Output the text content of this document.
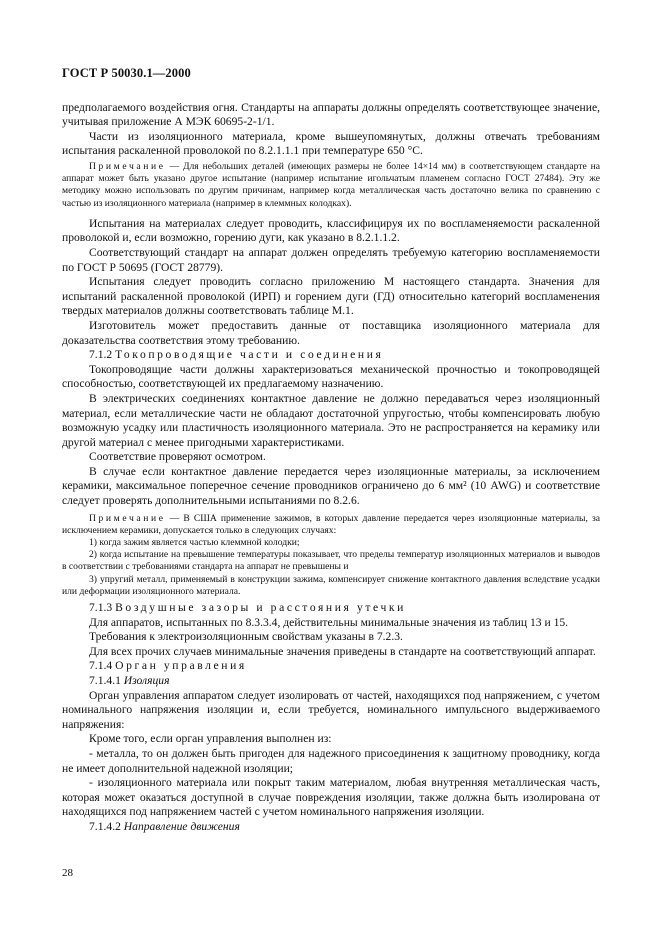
ГОСТ Р 50030.1—2000

предполагаемого воздействия огня. Стандарты на аппараты должны определять соответствующее значение, учитывая приложение А МЭК 60695-2-1/1.

Части из изоляционного материала, кроме вышеупомянутых, должны отвечать требованиям испытания раскаленной проволокой по 8.2.1.1.1 при температуре 650 °С.

Примечание — Для небольших деталей (имеющих размеры не более 14×14 мм) в соответствующем стандарте на аппарат может быть указано другое испытание (например испытание игольчатым пламенем согласно ГОСТ 27484). Эту же методику можно использовать по другим причинам, например когда металлическая часть достаточно велика по сравнению с частью из изоляционного материала (например в клеммных колодках).

Испытания на материалах следует проводить, классифицируя их по воспламеняемости раскаленной проволокой и, если возможно, горению дуги, как указано в 8.2.1.1.2.

Соответствующий стандарт на аппарат должен определять требуемую категорию воспламеняемости по ГОСТ Р 50695 (ГОСТ 28779).

Испытания следует проводить согласно приложению М настоящего стандарта. Значения для испытаний раскаленной проволокой (ИРП) и горением дуги (ГД) относительно категорий воспламенения твердых материалов должны соответствовать таблице М.1.

Изготовитель может предоставить данные от поставщика изоляционного материала для доказательства соответствия этому требованию.

7.1.2 Токопроводящие части и соединения

Токопроводящие части должны характеризоваться механической прочностью и токопроводящей способностью, соответствующей их предлагаемому назначению.

В электрических соединениях контактное давление не должно передаваться через изоляционный материал, если металлические части не обладают достаточной упругостью, чтобы компенсировать любую возможную усадку или пластичность изоляционного материала. Это не распространяется на керамику или другой материал с менее пригодными характеристиками.

Соответствие проверяют осмотром.

В случае если контактное давление передается через изоляционные материалы, за исключением керамики, максимальное поперечное сечение проводников ограничено до 6 мм² (10 AWG) и соответствие следует проверять дополнительными испытаниями по 8.2.6.

Примечание — В США применение зажимов, в которых давление передается через изоляционные материалы, за исключением керамики, допускается только в следующих случаях:

1) когда зажим является частью клеммной колодки;

2) когда испытание на превышение температуры показывает, что пределы температур изоляционных материалов и выводов в соответствии с требованиями стандарта на аппарат не превышены и

3) упругий металл, применяемый в конструкции зажима, компенсирует снижение контактного давления вследствие усадки или деформации изоляционного материала.

7.1.3 Воздушные зазоры и расстояния утечки

Для аппаратов, испытанных по 8.3.3.4, действительны минимальные значения из таблиц 13 и 15.

Требования к электроизоляционным свойствам указаны в 7.2.3.

Для всех прочих случаев минимальные значения приведены в стандарте на соответствующий аппарат.

7.1.4 Орган управления

7.1.4.1 Изоляция

Орган управления аппаратом следует изолировать от частей, находящихся под напряжением, с учетом номинального напряжения изоляции и, если требуется, номинального импульсного выдерживаемого напряжения:

Кроме того, если орган управления выполнен из:

- металла, то он должен быть пригоден для надежного присоединения к защитному проводнику, когда не имеет дополнительной надежной изоляции;

- изоляционного материала или покрыт таким материалом, любая внутренняя металлическая часть, которая может оказаться доступной в случае повреждения изоляции, также должна быть изолирована от находящихся под напряжением частей с учетом номинального напряжения изоляции.

7.1.4.2 Направление движения

28
